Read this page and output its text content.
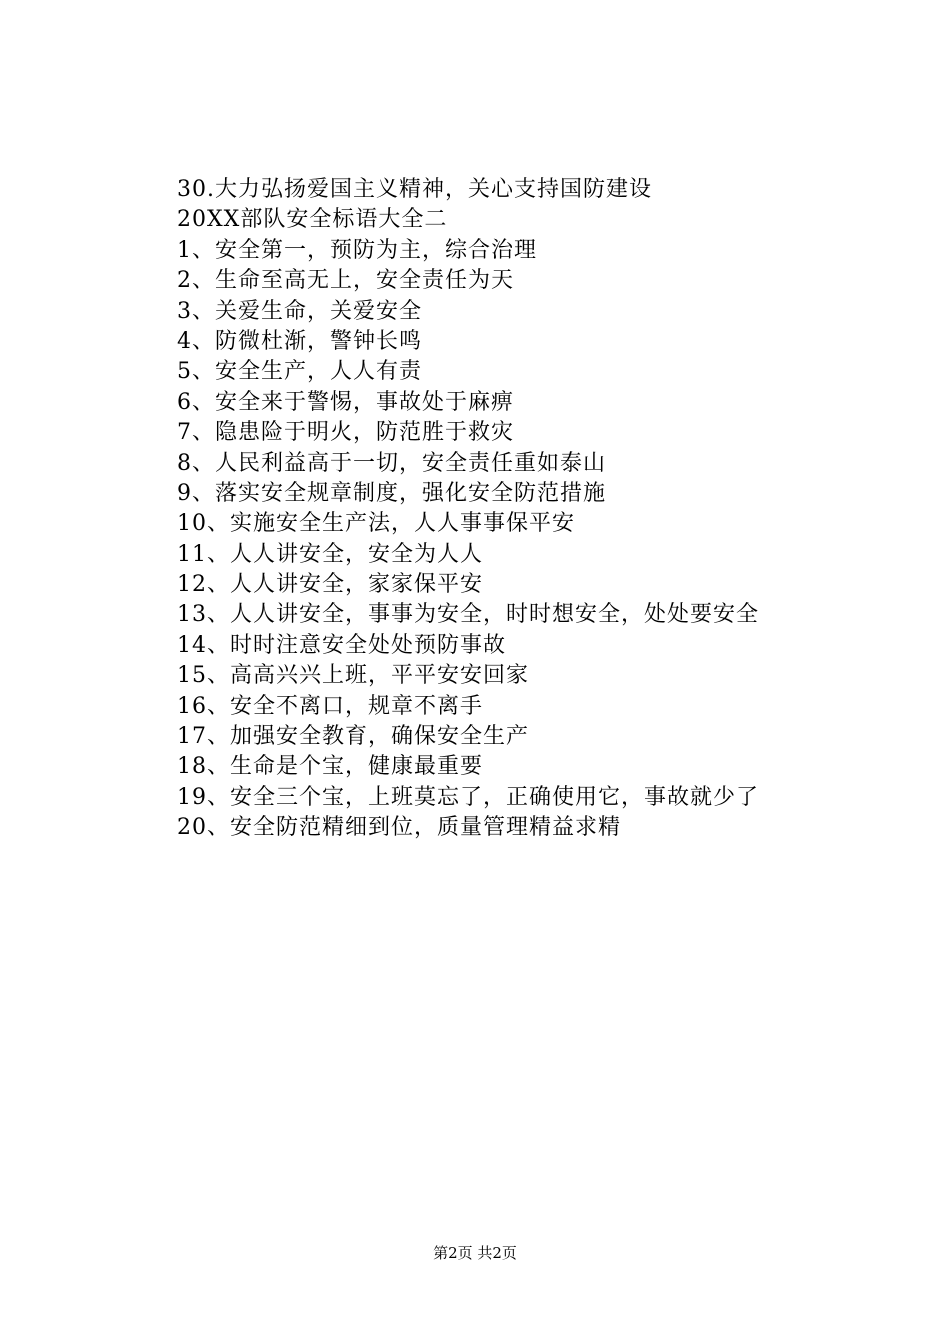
30.大力弘扬爱国主义精神，关心支持国防建设
20XX部队安全标语大全二
1、安全第一，预防为主，综合治理
2、生命至高无上，安全责任为天
3、关爱生命，关爱安全
4、防微杜渐，警钟长鸣
5、安全生产，人人有责
6、安全来于警惕，事故处于麻痹
7、隐患险于明火，防范胜于救灾
8、人民利益高于一切，安全责任重如泰山
9、落实安全规章制度，强化安全防范措施
10、实施安全生产法，人人事事保平安
11、人人讲安全，安全为人人
12、人人讲安全，家家保平安
13、人人讲安全，事事为安全，时时想安全，处处要安全
14、时时注意安全处处预防事故
15、高高兴兴上班，平平安安回家
16、安全不离口，规章不离手
17、加强安全教育，确保安全生产
18、生命是个宝，健康最重要
19、安全三个宝，上班莫忘了，正确使用它，事故就少了
20、安全防范精细到位，质量管理精益求精
第2页 共2页
